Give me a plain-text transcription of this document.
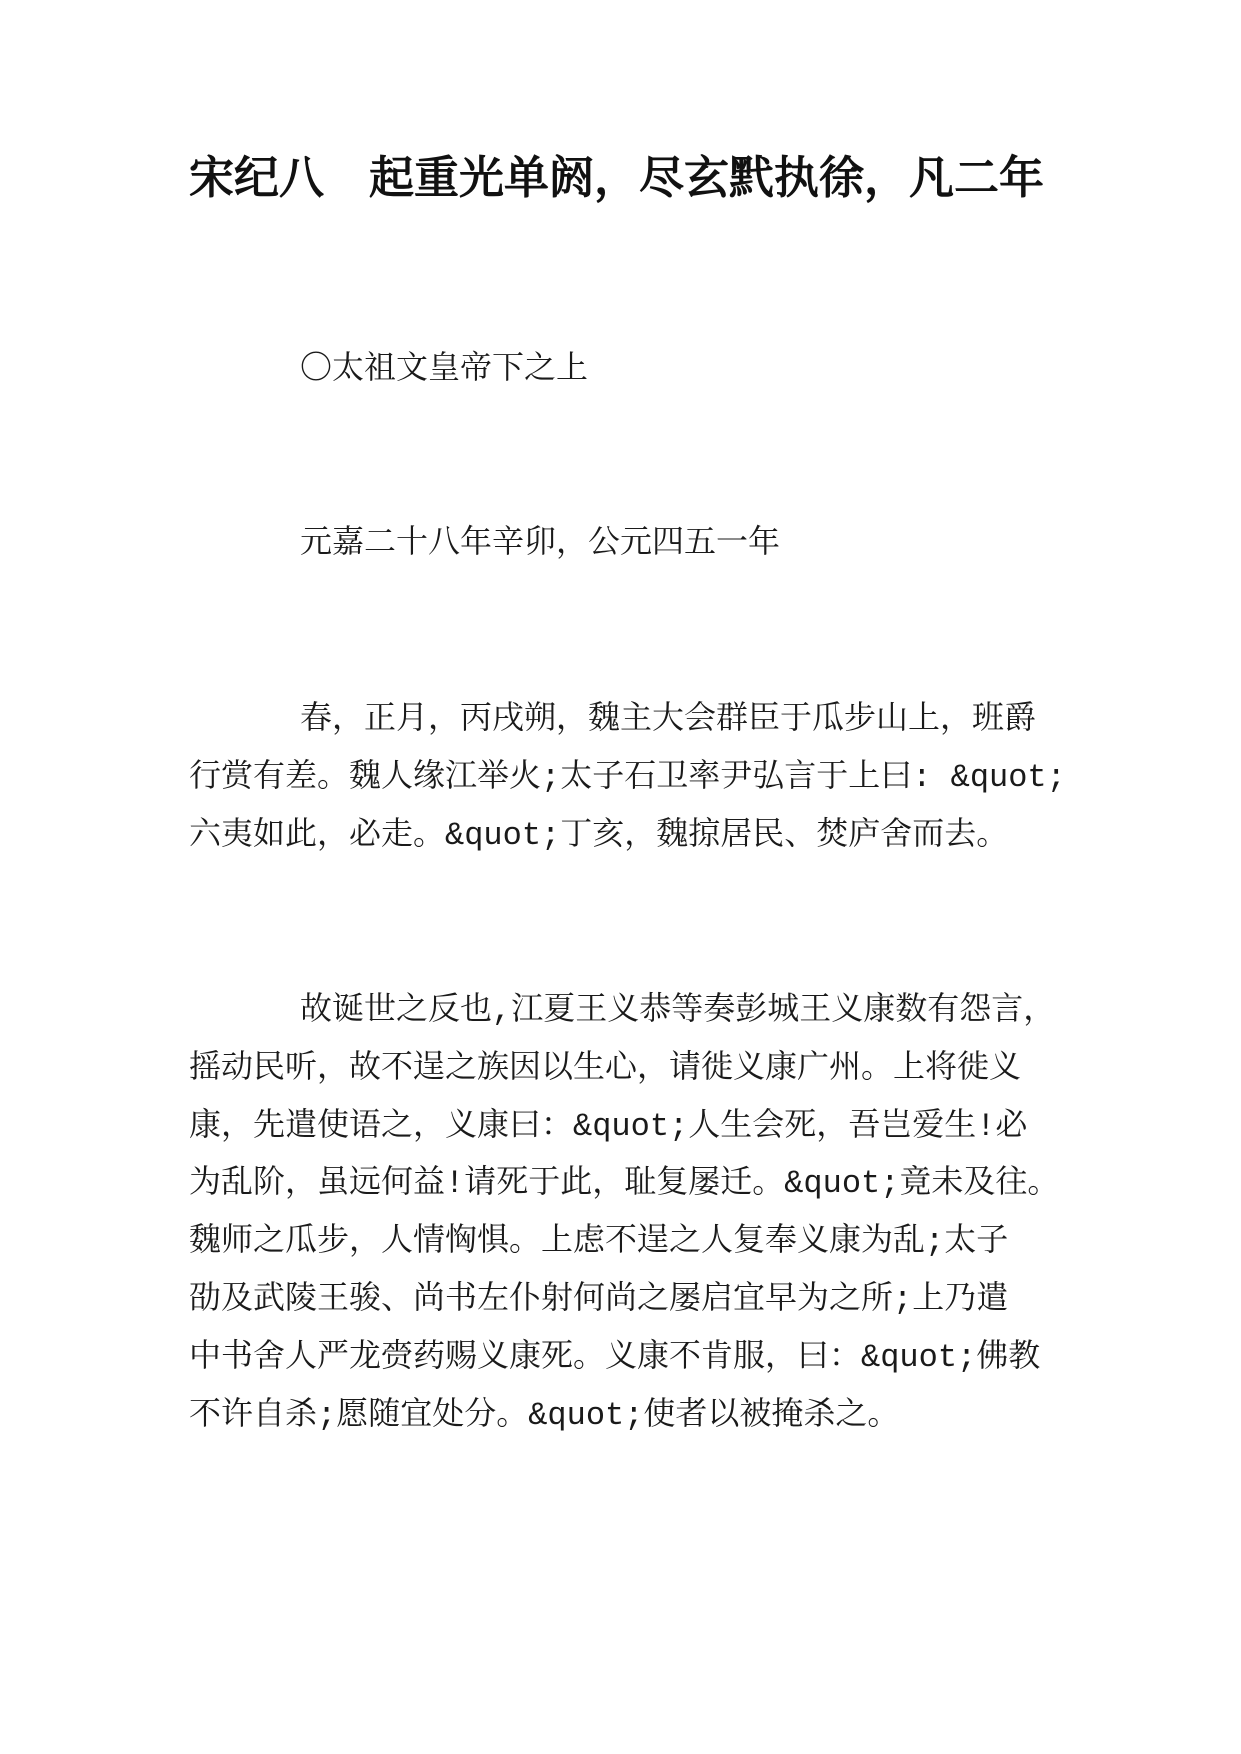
宋纪八　起重光单阏，尽玄黓执徐，凡二年
〇太祖文皇帝下之上
元嘉二十八年辛卯，公元四五一年
春，正月，丙戌朔，魏主大会群臣于瓜步山上，班爵
行赏有差。魏人缘江举火;太子石卫率尹弘言于上曰: &quot;
六夷如此，必走。&quot;丁亥，魏掠居民、焚庐舍而去。
故诞世之反也,江夏王义恭等奏彭城王义康数有怨言，
摇动民听，故不逞之族因以生心，请徙义康广州。上将徙义
康，先遣使语之，义康曰：&quot;人生会死，吾岂爱生!必
为乱阶，虽远何益!请死于此，耻复屡迁。&quot;竟未及往。
魏师之瓜步，人情恟惧。上虑不逞之人复奉义康为乱;太子
劭及武陵王骏、尚书左仆射何尚之屡启宜早为之所;上乃遣
中书舍人严龙赍药赐义康死。义康不肯服，曰：&quot;佛教
不许自杀;愿随宜处分。&quot;使者以被掩杀之。
